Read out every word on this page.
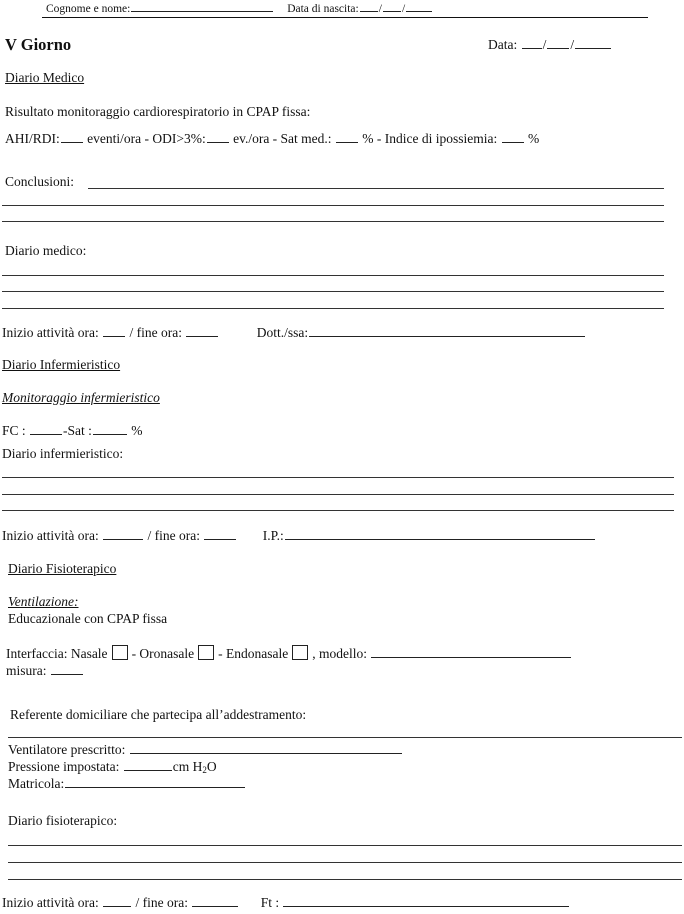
Cognome e nome:	Data di nascita: / /
V Giorno	Data: / /
Diario Medico
Risultato monitoraggio cardiorespiratorio in CPAP fissa:
AHI/RDI: eventi/ora - ODI>3%: ev./ora - Sat med.: % - Indice di ipossiemia: %
Conclusioni:
Diario medico:
Inizio attività ora: / fine ora:	Dott./ssa:
Diario Infermieristico
Monitoraggio infermieristico
FC :	-Sat :	%
Diario infermieristico:
Inizio attività ora:	/ fine ora:	I.P.:
Diario Fisioterapico
Ventilazione:
Educazionale con CPAP fissa
Interfaccia: Nasale - Oronasale - Endonasale , modello:
misura:
Referente domiciliare che partecipa all’addestramento:
Ventilatore prescritto:
Pressione impostata:	cm $H_2O$
Matricola:
Diario fisioterapico:
Inizio attività ora:	/ fine ora:	Ft :
